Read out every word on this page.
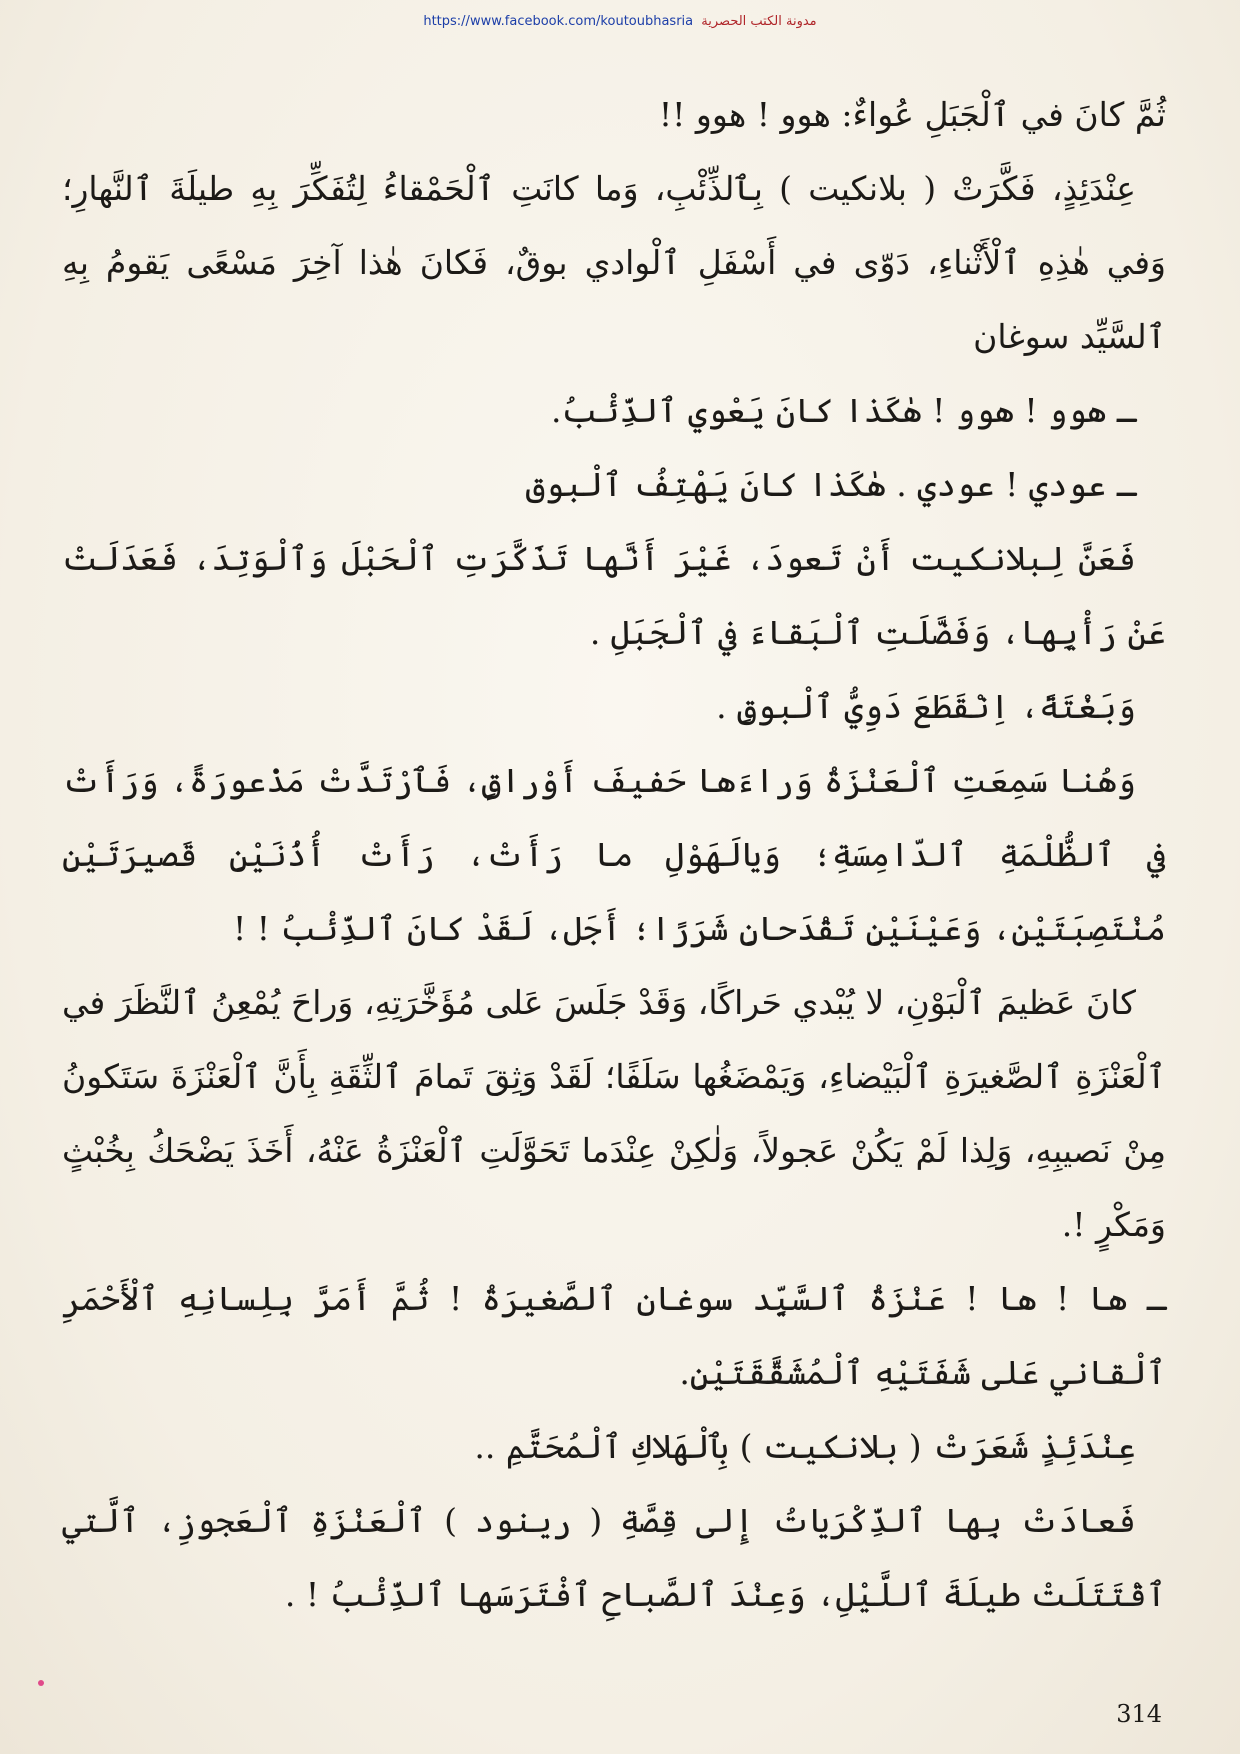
https://www.facebook.com/koutoubhasria مدونة الكتب الحصرية

ثُمَّ كانَ في ٱلْجَبَلِ عُواءٌ: هوو ! هوو !!

عِنْدَئِذٍ، فَكَّرَتْ ( بلانكيت ) بِٱلذِّئْبِ، وَما كانَتِ ٱلْحَمْقاءُ لِتُفَكِّرَ بِهِ طيلَةَ ٱلنَّهارِ؛ وَفي هٰذِهِ ٱلْأَثْناءِ، دَوّى في أَسْفَلِ ٱلْوادي بوقٌ، فَكانَ هٰذا آخِرَ مَسْعًى يَقومُ بِهِ ٱلسَّيِّد سوغان

ـ هوو ! هوو ! هٰكَذا كانَ يَعْوي ٱلذِّئْبُ.

ـ عودي ! عودي . هٰكَذا كانَ يَهْتِفُ ٱلْبوق

فَعَنَّ لِبلانكيت أَنْ تَعودَ، غَيْرَ أَنَّها تَذَكَّرَتِ ٱلْحَبْلَ وَٱلْوَتِدَ، فَعَدَلَتْ عَنْ رَأْيِها، وَفَضَّلَتِ ٱلْبَقاءَ في ٱلْجَبَلِ .

وَبَغْتَةً، اِنْقَطَعَ دَوِيُّ ٱلْبوقِ .

وَهُنا سَمِعَتِ ٱلْعَنْزَةُ وَراءَها حَفيفَ أَوْراقٍ، فَٱرْتَدَّتْ مَذْعورَةً، وَرَأَتْ في ٱلظُّلْمَةِ ٱلدّامِسَةِ؛ وَيالَهَوْلِ ما رَأَتْ، رَأَتْ أُذُنَيْنِ قَصيرَتَيْنِ مُنْتَصِبَتَيْنِ، وَعَيْنَيْنِ تَقْدَحانِ شَرَرًا؛ أَجَل، لَقَدْ كانَ ٱلذِّئْبُ ! !

كانَ عَظيمَ ٱلْبَوْنِ، لا يُبْدي حَراكًا، وَقَدْ جَلَسَ عَلى مُؤَخَّرَتِهِ، وَراحَ يُمْعِنُ ٱلنَّظَرَ في ٱلْعَنْزَةِ ٱلصَّغيرَةِ ٱلْبَيْضاءِ، وَيَمْضَغُها سَلَفًا؛ لَقَدْ وَثِقَ تَمامَ ٱلثِّقَةِ بِأَنَّ ٱلْعَنْزَةَ سَتَكونُ مِنْ نَصيبِهِ، وَلِذا لَمْ يَكُنْ عَجولاً، وَلٰكِنْ عِنْدَما تَحَوَّلَتِ ٱلْعَنْزَةُ عَنْهُ، أَخَذَ يَضْحَكُ بِخُبْثٍ وَمَكْرٍ !.

ـ ها ! ها ! عَنْزَةُ ٱلسَّيِّد سوغان ٱلصَّغيرَةُ ! ثُمَّ أَمَرَّ بِلِسانِهِ ٱلْأَحْمَرِ ٱلْقاني عَلى شَفَتَيْهِ ٱلْمُشَقَّقَتَيْنِ.

عِنْدَئِذٍ شَعَرَتْ ( بلانكيت ) بِٱلْهَلاكِ ٱلْمُحَتَّمِ ..

فَعادَتْ بِها ٱلذِّكْرَياتُ إِلى قِصَّةِ ( رينود ) ٱلْعَنْزَةِ ٱلْعَجوزِ، ٱلَّتي ٱقْتَتَلَتْ طيلَةَ ٱللَّيْلِ، وَعِنْدَ ٱلصَّباحِ ٱفْتَرَسَها ٱلذِّئْبُ ! .

314
